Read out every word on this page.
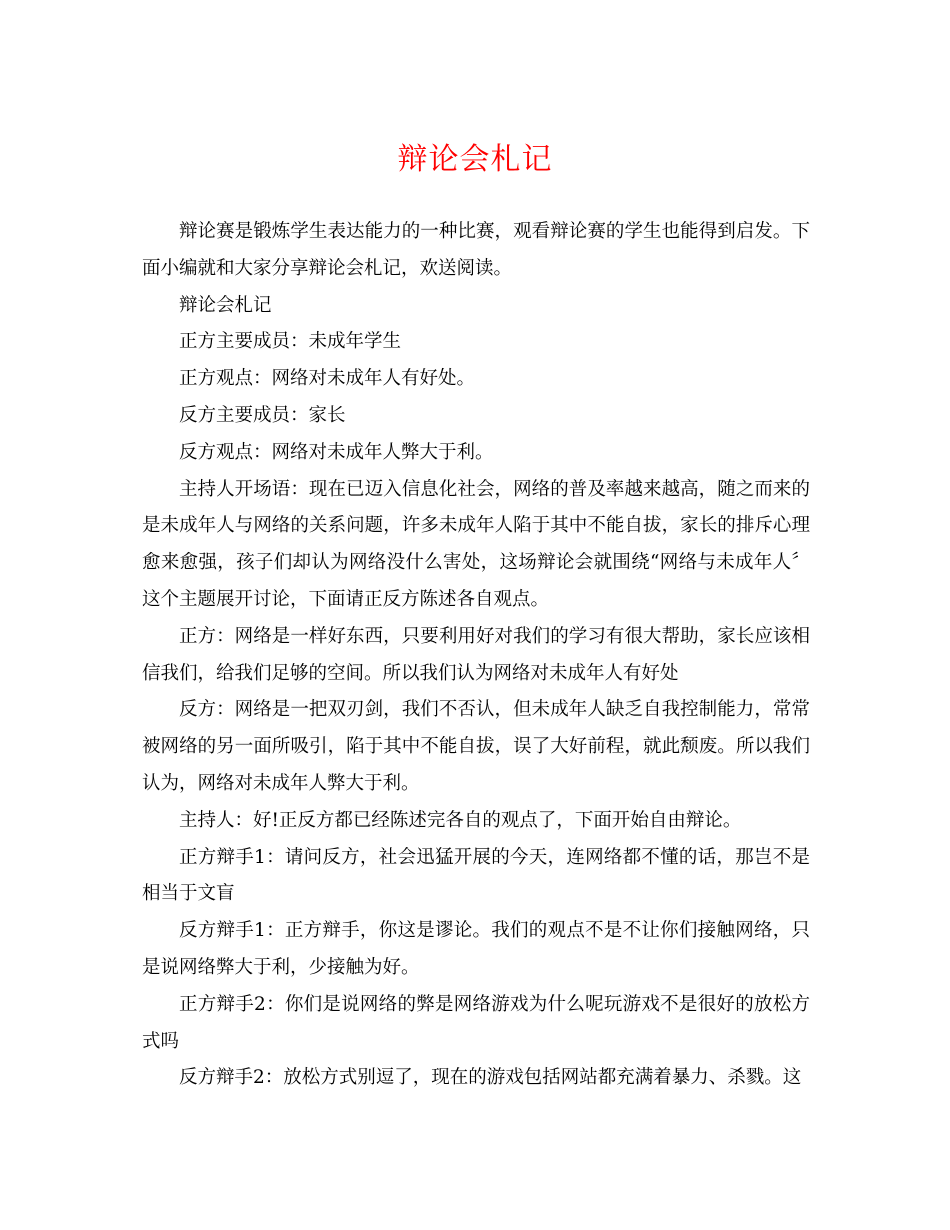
辩论会札记

辩论赛是锻炼学生表达能力的一种比赛，观看辩论赛的学生也能得到启发。下面小编就和大家分享辩论会札记，欢送阅读。

辩论会札记

正方主要成员：未成年学生

正方观点：网络对未成年人有好处。

反方主要成员：家长

反方观点：网络对未成年人弊大于利。

主持人开场语：现在已迈入信息化社会，网络的普及率越来越高，随之而来的是未成年人与网络的关系问题，许多未成年人陷于其中不能自拔，家长的排斥心理愈来愈强，孩子们却认为网络没什么害处，这场辩论会就围绕“网络与未成年人〞这个主题展开讨论，下面请正反方陈述各自观点。

正方：网络是一样好东西，只要利用好对我们的学习有很大帮助，家长应该相信我们，给我们足够的空间。所以我们认为网络对未成年人有好处

反方：网络是一把双刃剑，我们不否认，但未成年人缺乏自我控制能力，常常被网络的另一面所吸引，陷于其中不能自拔，误了大好前程，就此颓废。所以我们认为，网络对未成年人弊大于利。

主持人：好!正反方都已经陈述完各自的观点了，下面开始自由辩论。

正方辩手1：请问反方，社会迅猛开展的今天，连网络都不懂的话，那岂不是相当于文盲

反方辩手1：正方辩手，你这是谬论。我们的观点不是不让你们接触网络，只是说网络弊大于利，少接触为好。

正方辩手2：你们是说网络的弊是网络游戏为什么呢玩游戏不是很好的放松方式吗

反方辩手2：放松方式别逗了，现在的游戏包括网站都充满着暴力、杀戮。这
